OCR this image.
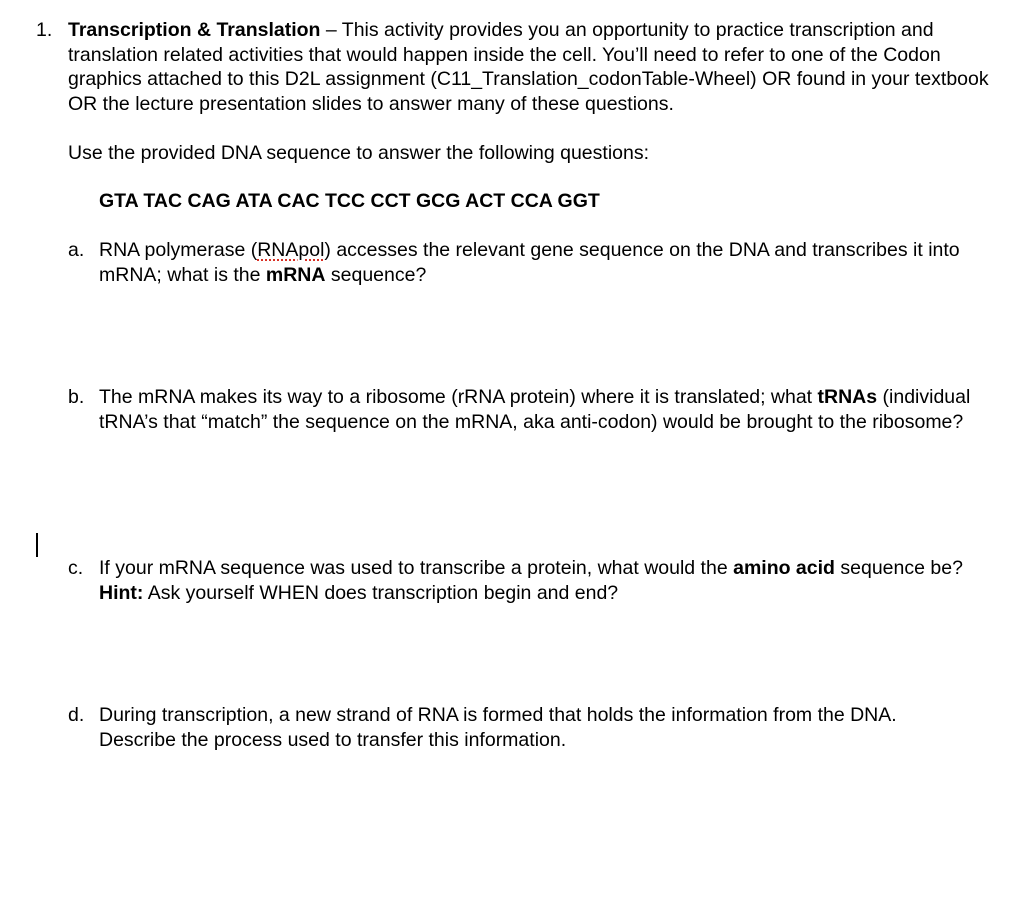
1. Transcription & Translation – This activity provides you an opportunity to practice transcription and translation related activities that would happen inside the cell. You’ll need to refer to one of the Codon graphics attached to this D2L assignment (C11_Translation_codonTable-Wheel) OR found in your textbook OR the lecture presentation slides to answer many of these questions.

Use the provided DNA sequence to answer the following questions:
GTA TAC CAG ATA CAC TCC CCT GCG ACT CCA GGT
a. RNA polymerase (RNApol) accesses the relevant gene sequence on the DNA and transcribes it into mRNA; what is the mRNA sequence?
b. The mRNA makes its way to a ribosome (rRNA protein) where it is translated; what tRNAs (individual tRNA’s that “match” the sequence on the mRNA, aka anti-codon) would be brought to the ribosome?
c. If your mRNA sequence was used to transcribe a protein, what would the amino acid sequence be? Hint: Ask yourself WHEN does transcription begin and end?
d. During transcription, a new strand of RNA is formed that holds the information from the DNA. Describe the process used to transfer this information.
